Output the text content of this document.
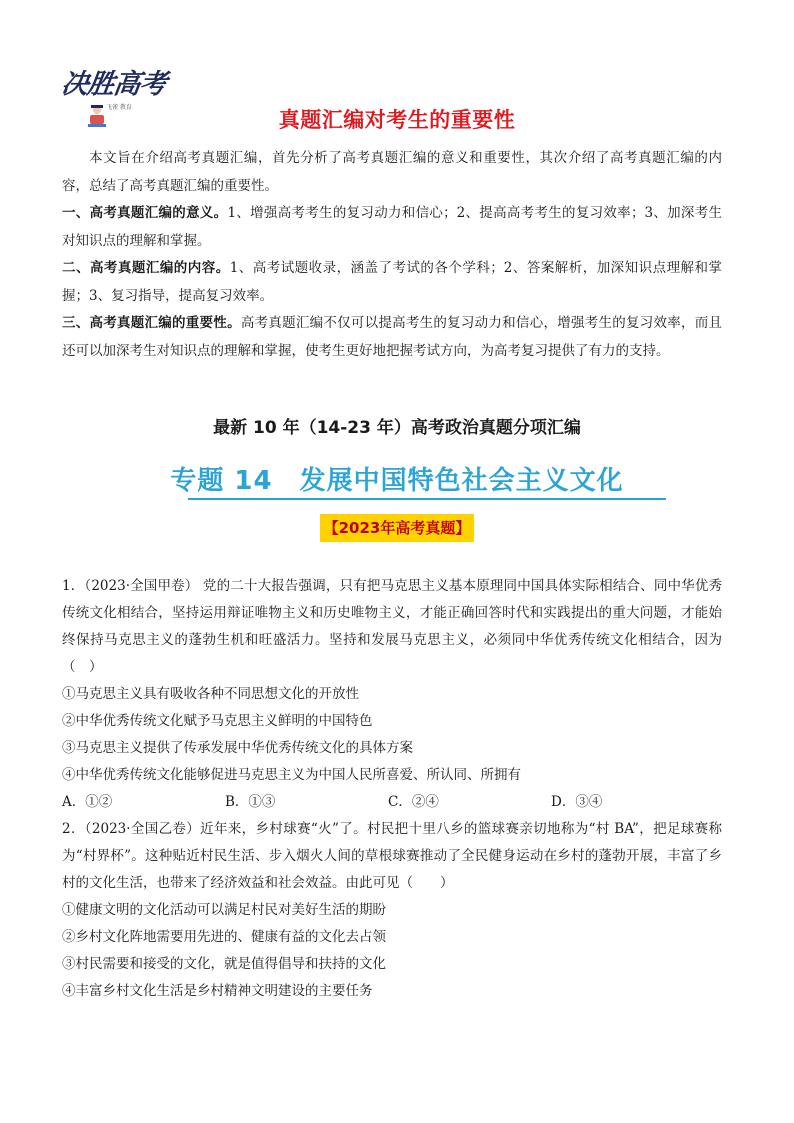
决胜高考
飞雀 教育
真题汇编对考生的重要性

本文旨在介绍高考真题汇编，首先分析了高考真题汇编的意义和重要性，其次介绍了高考真题汇编的内容，总结了高考真题汇编的重要性。

一、高考真题汇编的意义。1、增强高考考生的复习动力和信心；2、提高高考考生的复习效率；3、加深考生对知识点的理解和掌握。

二、高考真题汇编的内容。1、高考试题收录，涵盖了考试的各个学科；2、答案解析，加深知识点理解和掌握；3、复习指导，提高复习效率。

三、高考真题汇编的重要性。高考真题汇编不仅可以提高考生的复习动力和信心，增强考生的复习效率，而且还可以加深考生对知识点的理解和掌握，使考生更好地把握考试方向，为高考复习提供了有力的支持。

最新 10 年（14-23 年）高考政治真题分项汇编
专题 14　发展中国特色社会主义文化
【2023年高考真题】

1．（2023·全国甲卷） 党的二十大报告强调，只有把马克思主义基本原理同中国具体实际相结合、同中华优秀传统文化相结合，坚持运用辩证唯物主义和历史唯物主义，才能正确回答时代和实践提出的重大问题，才能始终保持马克思主义的蓬勃生机和旺盛活力。坚持和发展马克思主义，必须同中华优秀传统文化相结合，因为（　）

①马克思主义具有吸收各种不同思想文化的开放性

②中华优秀传统文化赋予马克思主义鲜明的中国特色

③马克思主义提供了传承发展中华优秀传统文化的具体方案

④中华优秀传统文化能够促进马克思主义为中国人民所喜爱、所认同、所拥有

A．①②	B．①③	C．②④	D．③④

2．（2023·全国乙卷）近年来，乡村球赛“火”了。村民把十里八乡的篮球赛亲切地称为“村 BA”，把足球赛称为“村界杯”。这种贴近村民生活、步入烟火人间的草根球赛推动了全民健身运动在乡村的蓬勃开展，丰富了乡村的文化生活，也带来了经济效益和社会效益。由此可见（　　）

①健康文明的文化活动可以满足村民对美好生活的期盼

②乡村文化阵地需要用先进的、健康有益的文化去占领

③村民需要和接受的文化，就是值得倡导和扶持的文化

④丰富乡村文化生活是乡村精神文明建设的主要任务
